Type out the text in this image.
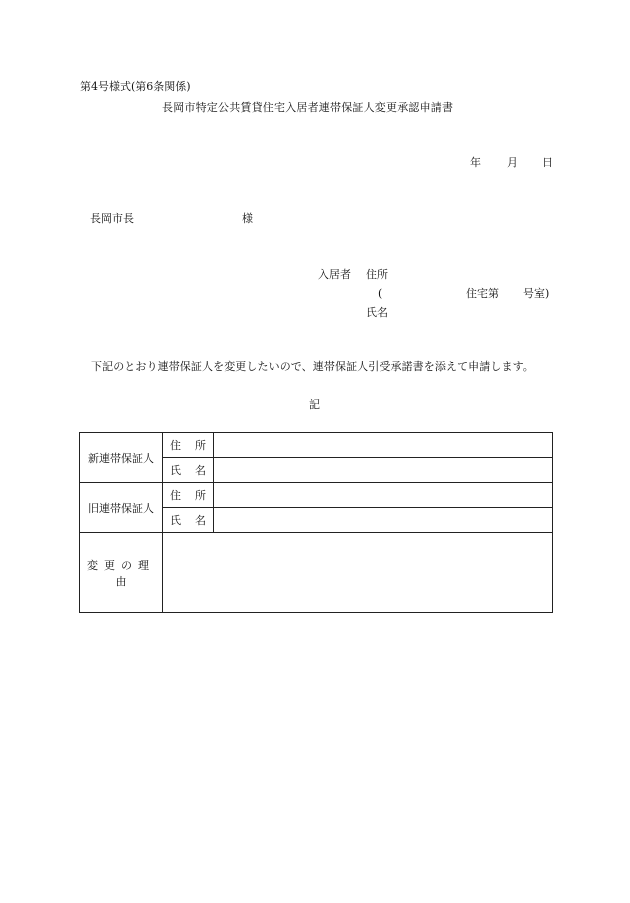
第4号様式(第6条関係)
長岡市特定公共賃貸住宅入居者連帯保証人変更承認申請書
年 月 日
長岡市長	様
入居者 住所
(	住宅第 号室)
氏名
下記のとおり連帯保証人を変更したいので、連帯保証人引受承諾書を添えて申請します。
記
新連帯保証人	住所	
	氏名	
旧連帯保証人	住所	
	氏名	
変更の理由		
